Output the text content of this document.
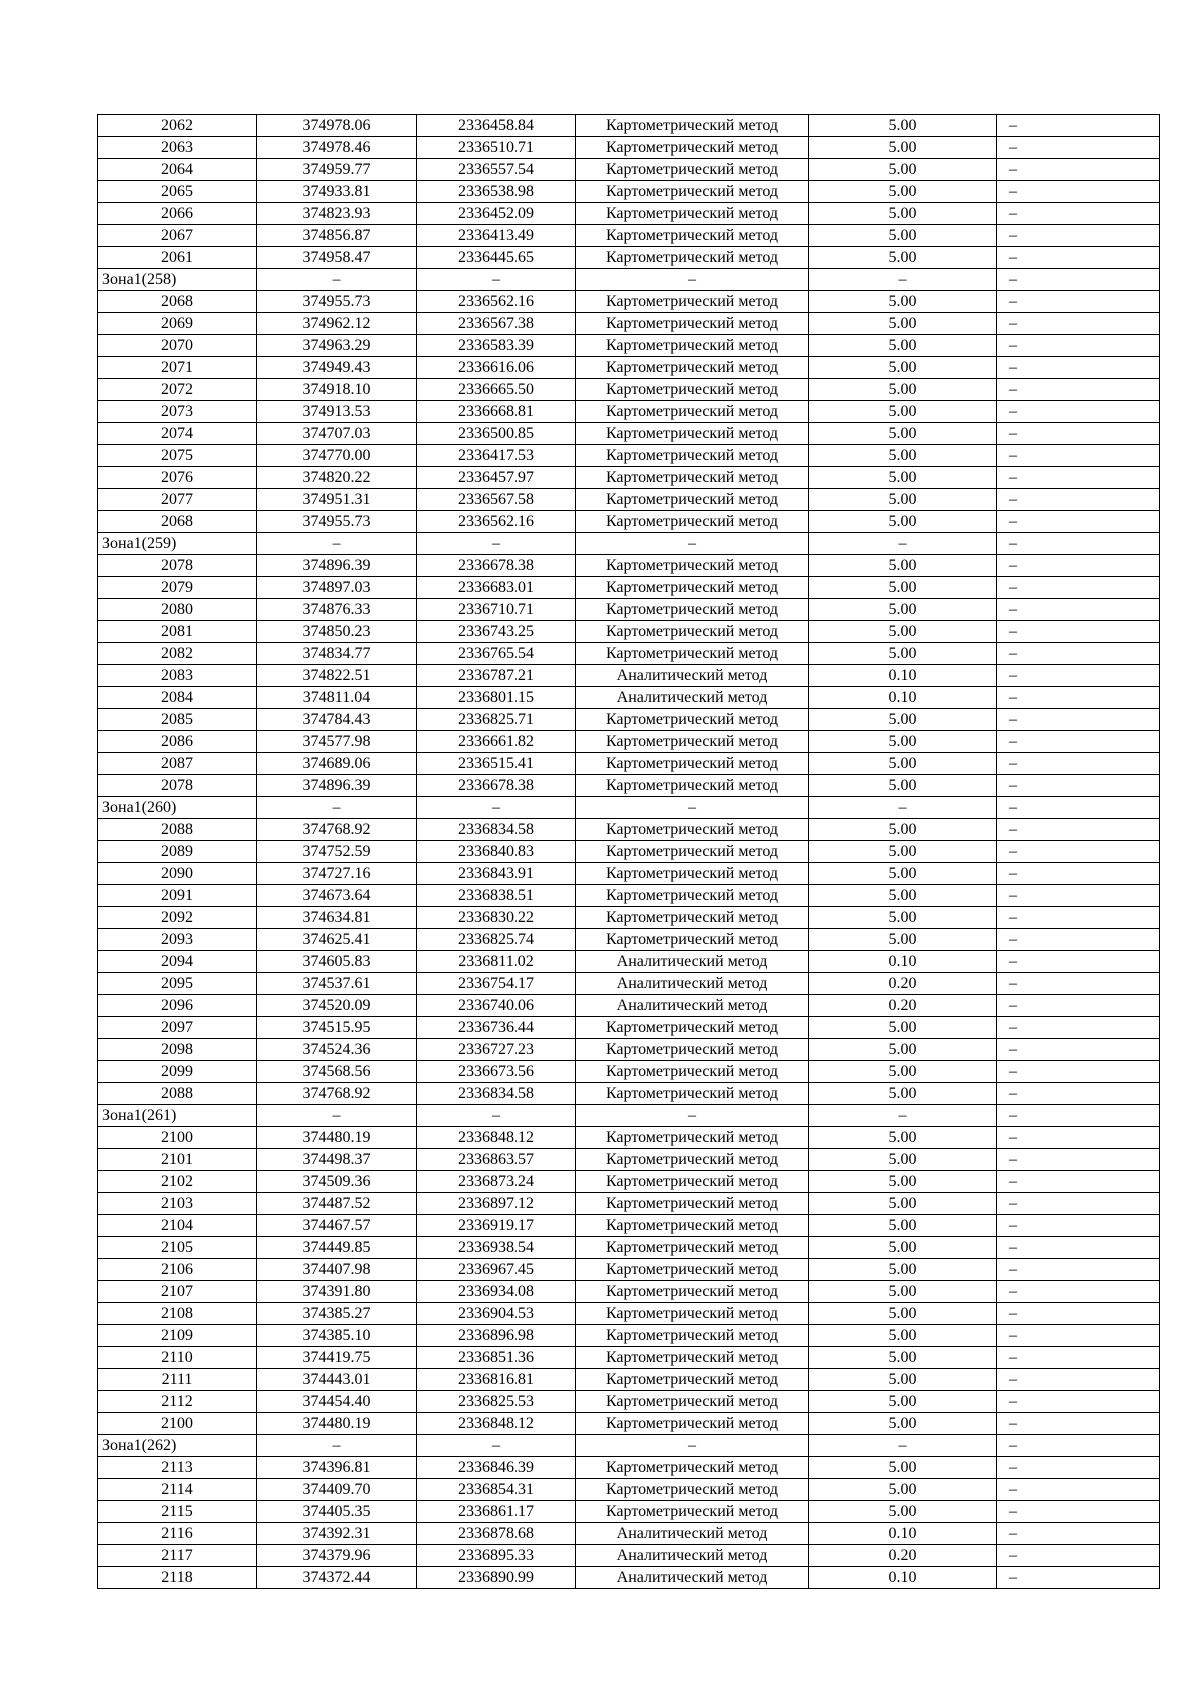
2062	374978.06	2336458.84	Картометрический метод	5.00	–
2063	374978.46	2336510.71	Картометрический метод	5.00	–
2064	374959.77	2336557.54	Картометрический метод	5.00	–
2065	374933.81	2336538.98	Картометрический метод	5.00	–
2066	374823.93	2336452.09	Картометрический метод	5.00	–
2067	374856.87	2336413.49	Картометрический метод	5.00	–
2061	374958.47	2336445.65	Картометрический метод	5.00	–
Зона1(258)	–	–	–	–	–
2068	374955.73	2336562.16	Картометрический метод	5.00	–
2069	374962.12	2336567.38	Картометрический метод	5.00	–
2070	374963.29	2336583.39	Картометрический метод	5.00	–
2071	374949.43	2336616.06	Картометрический метод	5.00	–
2072	374918.10	2336665.50	Картометрический метод	5.00	–
2073	374913.53	2336668.81	Картометрический метод	5.00	–
2074	374707.03	2336500.85	Картометрический метод	5.00	–
2075	374770.00	2336417.53	Картометрический метод	5.00	–
2076	374820.22	2336457.97	Картометрический метод	5.00	–
2077	374951.31	2336567.58	Картометрический метод	5.00	–
2068	374955.73	2336562.16	Картометрический метод	5.00	–
Зона1(259)	–	–	–	–	–
2078	374896.39	2336678.38	Картометрический метод	5.00	–
2079	374897.03	2336683.01	Картометрический метод	5.00	–
2080	374876.33	2336710.71	Картометрический метод	5.00	–
2081	374850.23	2336743.25	Картометрический метод	5.00	–
2082	374834.77	2336765.54	Картометрический метод	5.00	–
2083	374822.51	2336787.21	Аналитический метод	0.10	–
2084	374811.04	2336801.15	Аналитический метод	0.10	–
2085	374784.43	2336825.71	Картометрический метод	5.00	–
2086	374577.98	2336661.82	Картометрический метод	5.00	–
2087	374689.06	2336515.41	Картометрический метод	5.00	–
2078	374896.39	2336678.38	Картометрический метод	5.00	–
Зона1(260)	–	–	–	–	–
2088	374768.92	2336834.58	Картометрический метод	5.00	–
2089	374752.59	2336840.83	Картометрический метод	5.00	–
2090	374727.16	2336843.91	Картометрический метод	5.00	–
2091	374673.64	2336838.51	Картометрический метод	5.00	–
2092	374634.81	2336830.22	Картометрический метод	5.00	–
2093	374625.41	2336825.74	Картометрический метод	5.00	–
2094	374605.83	2336811.02	Аналитический метод	0.10	–
2095	374537.61	2336754.17	Аналитический метод	0.20	–
2096	374520.09	2336740.06	Аналитический метод	0.20	–
2097	374515.95	2336736.44	Картометрический метод	5.00	–
2098	374524.36	2336727.23	Картометрический метод	5.00	–
2099	374568.56	2336673.56	Картометрический метод	5.00	–
2088	374768.92	2336834.58	Картометрический метод	5.00	–
Зона1(261)	–	–	–	–	–
2100	374480.19	2336848.12	Картометрический метод	5.00	–
2101	374498.37	2336863.57	Картометрический метод	5.00	–
2102	374509.36	2336873.24	Картометрический метод	5.00	–
2103	374487.52	2336897.12	Картометрический метод	5.00	–
2104	374467.57	2336919.17	Картометрический метод	5.00	–
2105	374449.85	2336938.54	Картометрический метод	5.00	–
2106	374407.98	2336967.45	Картометрический метод	5.00	–
2107	374391.80	2336934.08	Картометрический метод	5.00	–
2108	374385.27	2336904.53	Картометрический метод	5.00	–
2109	374385.10	2336896.98	Картометрический метод	5.00	–
2110	374419.75	2336851.36	Картометрический метод	5.00	–
2111	374443.01	2336816.81	Картометрический метод	5.00	–
2112	374454.40	2336825.53	Картометрический метод	5.00	–
2100	374480.19	2336848.12	Картометрический метод	5.00	–
Зона1(262)	–	–	–	–	–
2113	374396.81	2336846.39	Картометрический метод	5.00	–
2114	374409.70	2336854.31	Картометрический метод	5.00	–
2115	374405.35	2336861.17	Картометрический метод	5.00	–
2116	374392.31	2336878.68	Аналитический метод	0.10	–
2117	374379.96	2336895.33	Аналитический метод	0.20	–
2118	374372.44	2336890.99	Аналитический метод	0.10	–
